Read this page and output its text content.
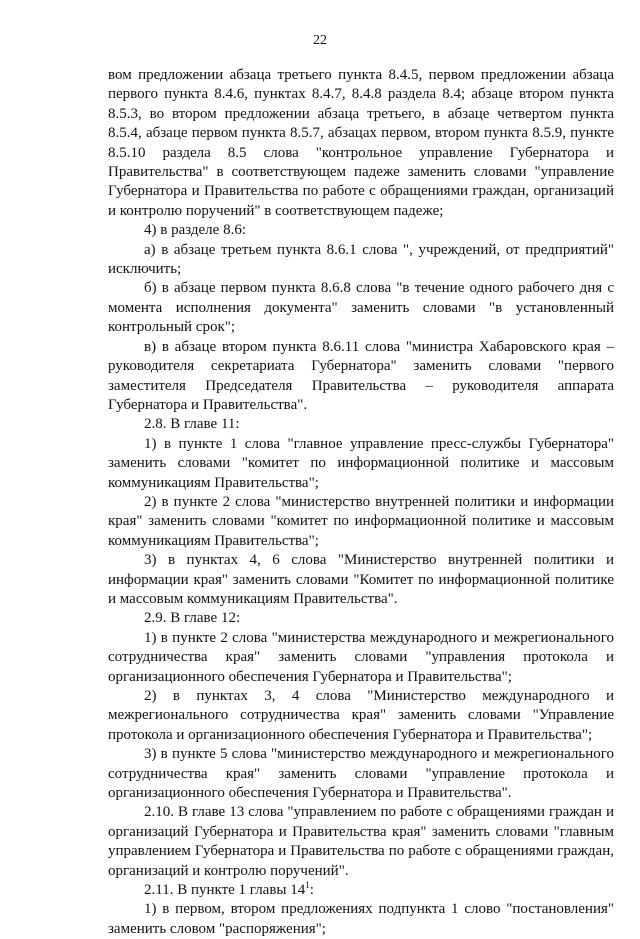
22

вом предложении абзаца третьего пункта 8.4.5, первом предложении абзаца первого пункта 8.4.6, пунктах 8.4.7, 8.4.8 раздела 8.4; абзаце втором пункта 8.5.3, во втором предложении абзаца третьего, в абзаце четвертом пункта 8.5.4, абзаце первом пункта 8.5.7, абзацах первом, втором пункта 8.5.9, пункте 8.5.10 раздела 8.5 слова "контрольное управление Губернатора и Правительства" в соответствующем падеже заменить словами "управление Губернатора и Правительства по работе с обращениями граждан, организаций и контролю поручений" в соответствующем падеже;

4) в разделе 8.6:

а) в абзаце третьем пункта 8.6.1 слова ", учреждений, от предприятий" исключить;

б) в абзаце первом пункта 8.6.8 слова "в течение одного рабочего дня с момента исполнения документа" заменить словами "в установленный контрольный срок";

в) в абзаце втором пункта 8.6.11 слова "министра Хабаровского края – руководителя секретариата Губернатора" заменить словами "первого заместителя Председателя Правительства – руководителя аппарата Губернатора и Правительства".

2.8. В главе 11:

1) в пункте 1 слова "главное управление пресс-службы Губернатора" заменить словами "комитет по информационной политике и массовым коммуникациям Правительства";

2) в пункте 2 слова "министерство внутренней политики и информации края" заменить словами "комитет по информационной политике и массовым коммуникациям Правительства";

3) в пунктах 4, 6 слова "Министерство внутренней политики и информации края" заменить словами "Комитет по информационной политике и массовым коммуникациям Правительства".

2.9. В главе 12:

1) в пункте 2 слова "министерства международного и межрегионального сотрудничества края" заменить словами "управления протокола и организационного обеспечения Губернатора и Правительства";

2) в пунктах 3, 4 слова "Министерство международного и межрегионального сотрудничества края" заменить словами "Управление протокола и организационного обеспечения Губернатора и Правительства";

3) в пункте 5 слова "министерство международного и межрегионального сотрудничества края" заменить словами "управление протокола и организационного обеспечения Губернатора и Правительства".

2.10. В главе 13 слова "управлением по работе с обращениями граждан и организаций Губернатора и Правительства края" заменить словами "главным управлением Губернатора и Правительства по работе с обращениями граждан, организаций и контролю поручений".

2.11. В пункте 1 главы $14^1$:

1) в первом, втором предложениях подпункта 1 слово "постановления" заменить словом "распоряжения";
